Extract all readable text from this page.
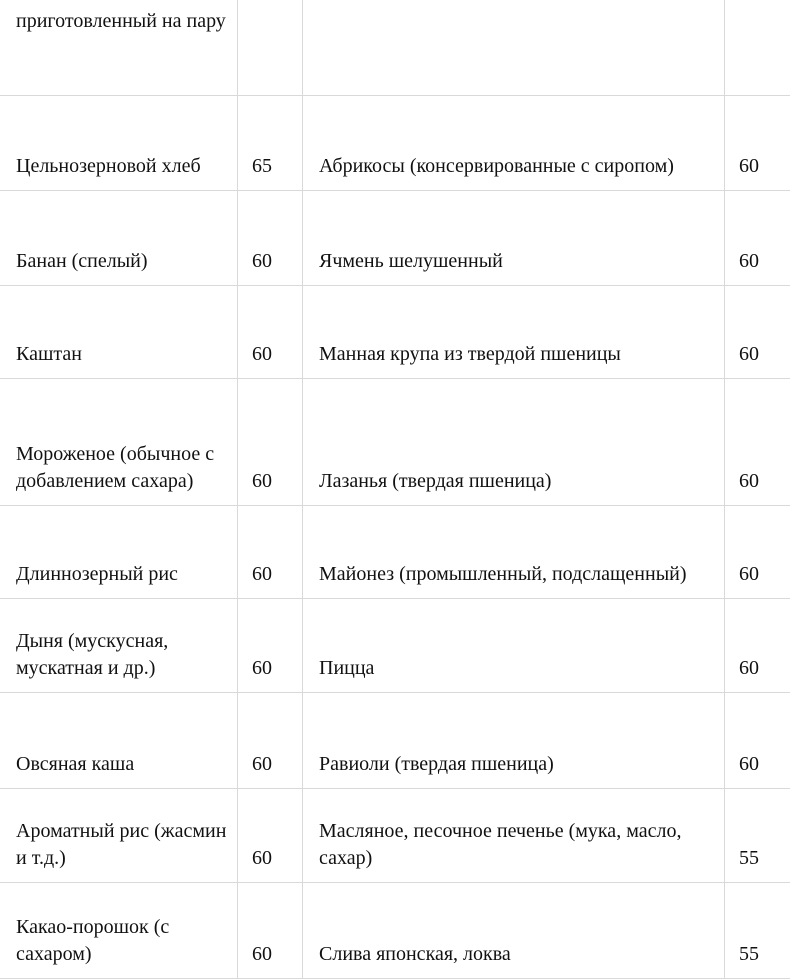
приготовленный на пару			
Цельнозерновой хлеб	65	Абрикосы (консервированные с сиропом)	60
Банан (спелый)	60	Ячмень шелушенный	60
Каштан	60	Манная крупа из твердой пшеницы	60
Мороженое (обычное с добавлением сахара)	60	Лазанья (твердая пшеница)	60
Длиннозерный рис	60	Майонез (промышленный, подслащенный)	60
Дыня (мускусная, мускатная и др.)	60	Пицца	60
Овсяная каша	60	Равиоли (твердая пшеница)	60
Ароматный рис (жасмин и т.д.)	60	Масляное, песочное печенье (мука, масло, сахар)	55
Какао-порошок (с сахаром)	60	Слива японская, локва	55
